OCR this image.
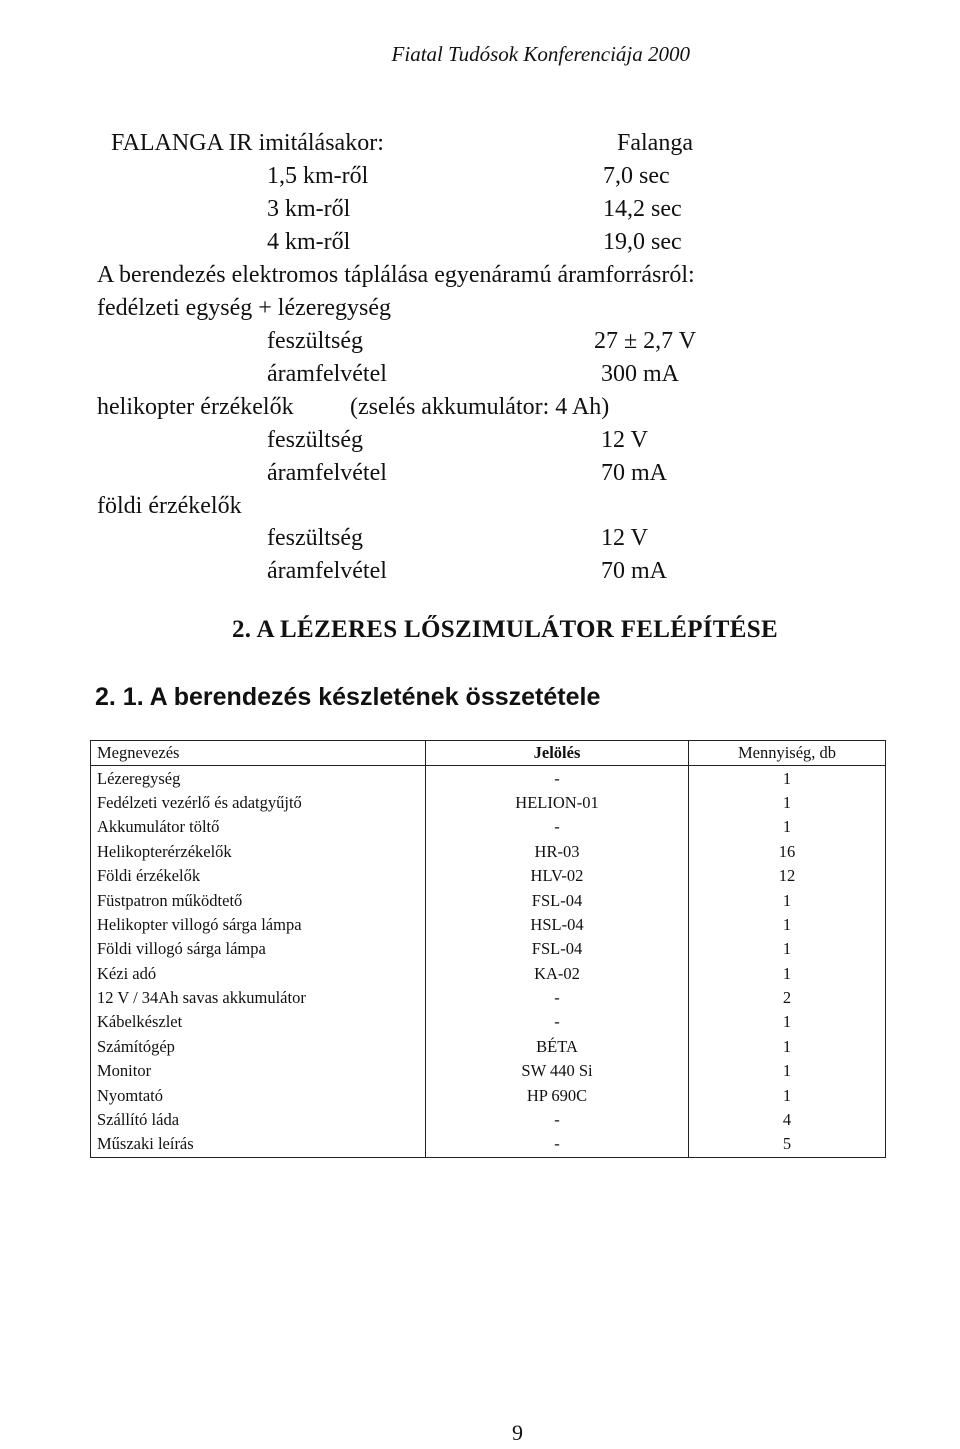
Fiatal Tudósok Konferenciája 2000
FALANGA IR imitálásakor:	Falanga
1,5 km-ről	7,0 sec
3 km-ről	14,2 sec
4 km-ről	19,0 sec
A berendezés elektromos táplálása egyenáramú áramforrásról:
fedélzeti egység + lézeregység
feszültség	27 ± 2,7 V
áramfelvétel	300 mA
helikopter érzékelők (zselés akkumulátor: 4 Ah)
feszültség	12 V
áramfelvétel	70 mA
földi érzékelők
feszültség	12 V
áramfelvétel	70 mA
2. A LÉZERES LŐSZIMULÁTOR FELÉPÍTÉSE
2. 1. A berendezés készletének összetétele
Megnevezés	Jelölés	Mennyiség, db
Lézeregység	-	1
Fedélzeti vezérlő és adatgyűjtő	HELION-01	1
Akkumulátor töltő	-	1
Helikopterérzékelők	HR-03	16
Földi érzékelők	HLV-02	12
Füstpatron működtető	FSL-04	1
Helikopter villogó sárga lámpa	HSL-04	1
Földi villogó sárga lámpa	FSL-04	1
Kézi adó	KA-02	1
12 V / 34Ah savas akkumulátor	-	2
Kábelkészlet	-	1
Számítógép	BÉTA	1
Monitor	SW 440 Si	1
Nyomtató	HP 690C	1
Szállító láda	-	4
Műszaki leírás	-	5
9
